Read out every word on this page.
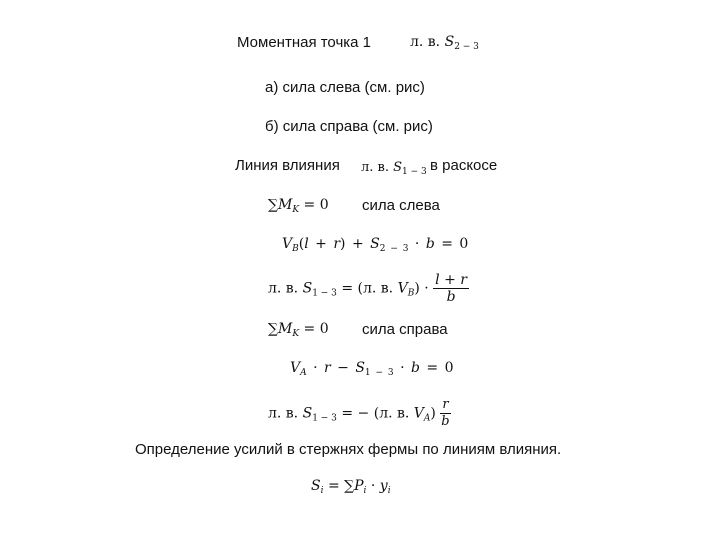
Моментная точка 1	л. в. $S_{2 - 3}$
а) сила слева (см. рис)
б) сила справа (см. рис)
Линия влияния л. в. $S_{1 - 3}$ в раскосе
$\sum M_K = 0$ сила слева
$V_B(l + r) + S_{2 - 3} \cdot b = 0$
л. в. $S_{1 - 3} = (л$. в. $V_B) \cdot \frac{l + r}{b}$
$\sum M_K = 0$ сила справа
$V_A \cdot r - S_{1 - 3} \cdot b = 0$
л. в. $S_{1 - 3}$ = − (л. в. $V_A) \frac{r}{b}$
Определение усилий в стержнях фермы по линиям влияния.
$S_i = \sum P_i \cdot y_i$
